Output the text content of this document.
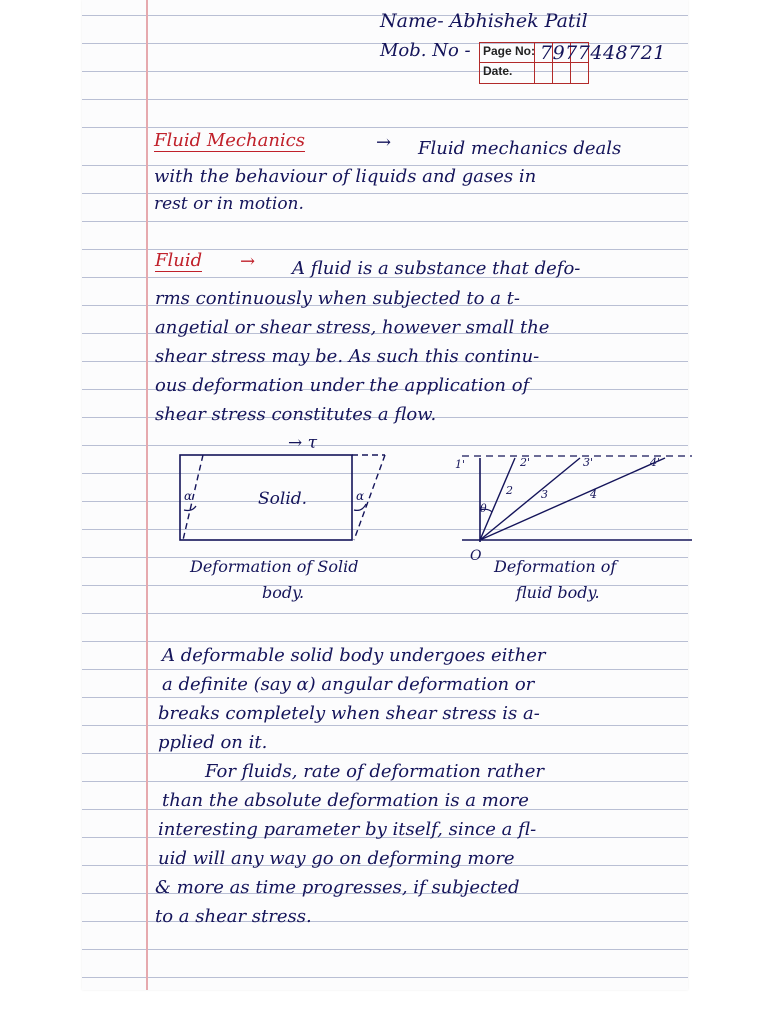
Name- Abhishek Patil
Mob. No - Page No:
Date.
7977448721
Fluid Mechanics	→ Fluid mechanics deals
with the behaviour of liquids and gases in
rest or in motion.
Fluid → A fluid is a substance that defo-
rms continuously when subjected to a t-
angetial or shear stress, however small the
shear stress may be. As such this continu-
ous deformation under the application of
shear stress constitutes a flow.
→ τ
Solid.
α	α
1'	2'	3'	4'
2	3	4
θ
O
Deformation of Solid
body.
Deformation of
fluid body.
A deformable solid body undergoes either
a definite (say α) angular deformation or
breaks completely when shear stress is a-
pplied on it.
For fluids, rate of deformation rather
than the absolute deformation is a more
interesting parameter by itself, since a fl-
uid will any way go on deforming more
& more as time progresses, if subjected
to a shear stress.
